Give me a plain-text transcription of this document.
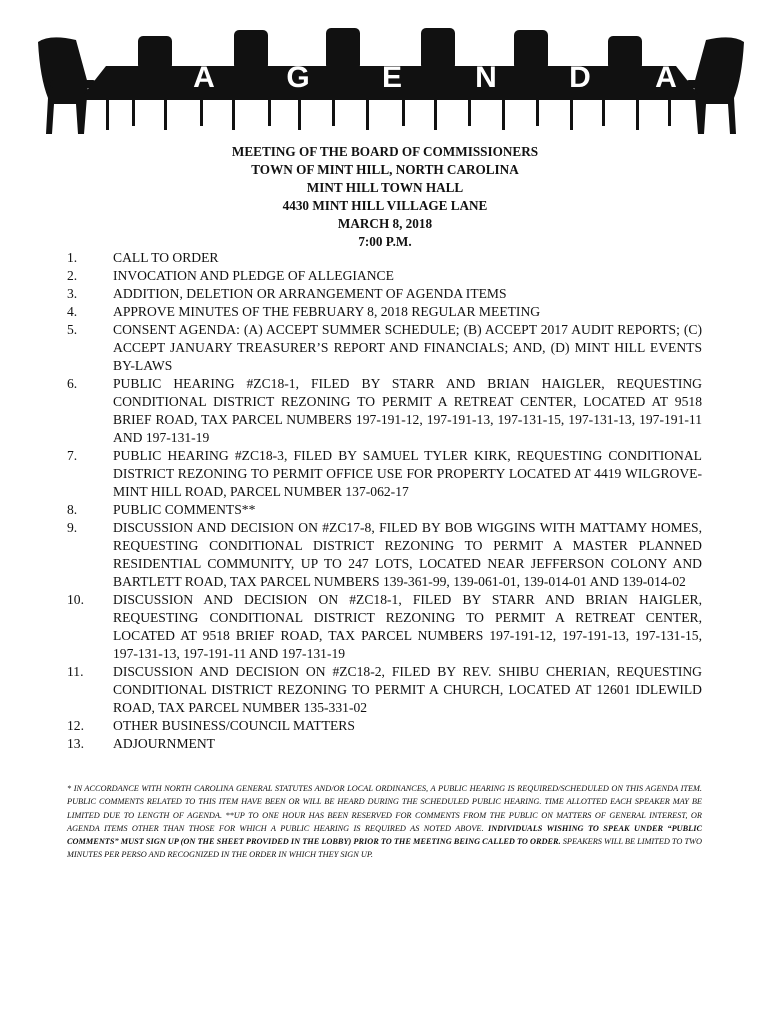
A G E N D A
MEETING OF THE BOARD OF COMMISSIONERS
TOWN OF MINT HILL, NORTH CAROLINA
MINT HILL TOWN HALL
4430 MINT HILL VILLAGE LANE
MARCH 8, 2018
7:00 P.M.
1.	CALL TO ORDER
2.	INVOCATION AND PLEDGE OF ALLEGIANCE
3.	ADDITION, DELETION OR ARRANGEMENT OF AGENDA ITEMS
4.	APPROVE MINUTES OF THE FEBRUARY 8, 2018 REGULAR MEETING
5.	CONSENT AGENDA: (A) ACCEPT SUMMER SCHEDULE; (B) ACCEPT 2017 AUDIT REPORTS; (C) ACCEPT JANUARY TREASURER’S REPORT AND FINANCIALS; AND, (D) MINT HILL EVENTS BY-LAWS
6.	PUBLIC HEARING #ZC18-1, FILED BY STARR AND BRIAN HAIGLER, REQUESTING CONDITIONAL DISTRICT REZONING TO PERMIT A RETREAT CENTER, LOCATED AT 9518 BRIEF ROAD, TAX PARCEL NUMBERS 197-191-12, 197-191-13, 197-131-15, 197-131-13, 197-191-11 AND 197-131-19
7.	PUBLIC HEARING #ZC18-3, FILED BY SAMUEL TYLER KIRK, REQUESTING CONDITIONAL DISTRICT REZONING TO PERMIT OFFICE USE FOR PROPERTY LOCATED AT 4419 WILGROVE-MINT HILL ROAD, PARCEL NUMBER 137-062-17
8.	PUBLIC COMMENTS**
9.	DISCUSSION AND DECISION ON #ZC17-8, FILED BY BOB WIGGINS WITH MATTAMY HOMES, REQUESTING CONDITIONAL DISTRICT REZONING TO PERMIT A MASTER PLANNED RESIDENTIAL COMMUNITY, UP TO 247 LOTS, LOCATED NEAR JEFFERSON COLONY AND BARTLETT ROAD, TAX PARCEL NUMBERS 139-361-99, 139-061-01, 139-014-01 AND 139-014-02
10. DISCUSSION AND DECISION ON #ZC18-1, FILED BY STARR AND BRIAN HAIGLER, REQUESTING CONDITIONAL DISTRICT REZONING TO PERMIT A RETREAT CENTER, LOCATED AT 9518 BRIEF ROAD, TAX PARCEL NUMBERS 197-191-12, 197-191-13, 197-131-15, 197-131-13, 197-191-11 AND 197-131-19
11. DISCUSSION AND DECISION ON #ZC18-2, FILED BY REV. SHIBU CHERIAN, REQUESTING CONDITIONAL DISTRICT REZONING TO PERMIT A CHURCH, LOCATED AT 12601 IDLEWILD ROAD, TAX PARCEL NUMBER 135-331-02
12. OTHER BUSINESS/COUNCIL MATTERS
13. ADJOURNMENT
* IN ACCORDANCE WITH NORTH CAROLINA GENERAL STATUTES AND/OR LOCAL ORDINANCES, A PUBLIC HEARING IS REQUIRED/SCHEDULED ON THIS AGENDA ITEM. PUBLIC COMMENTS RELATED TO THIS ITEM HAVE BEEN OR WILL BE HEARD DURING THE SCHEDULED PUBLIC HEARING. TIME ALLOTTED EACH SPEAKER MAY BE LIMITED DUE TO LENGTH OF AGENDA. **UP TO ONE HOUR HAS BEEN RESERVED FOR COMMENTS FROM THE PUBLIC ON MATTERS OF GENERAL INTEREST, OR AGENDA ITEMS OTHER THAN THOSE FOR WHICH A PUBLIC HEARING IS REQUIRED AS NOTED ABOVE. INDIVIDUALS WISHING TO SPEAK UNDER “PUBLIC COMMENTS” MUST SIGN UP (ON THE SHEET PROVIDED IN THE LOBBY) PRIOR TO THE MEETING BEING CALLED TO ORDER. SPEAKERS WILL BE LIMITED TO TWO MINUTES PER PERSO AND RECOGNIZED IN THE ORDER IN WHICH THEY SIGN UP.
